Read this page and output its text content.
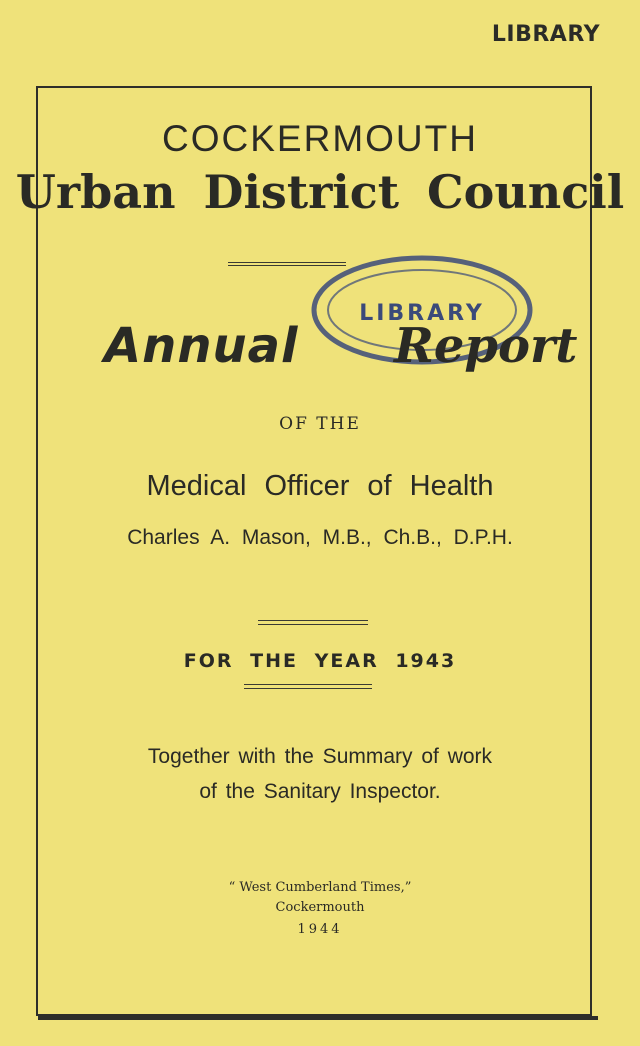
LIBRARY
COCKERMOUTH
Urban District Council
LIBRARY
Annual Report
OF THE
Medical Officer of Health
Charles A. Mason, M.B., Ch.B., D.P.H.
FOR THE YEAR 1943
Together with the Summary of work
of the Sanitary Inspector.
“ West Cumberland Times,”
Cockermouth
1944
